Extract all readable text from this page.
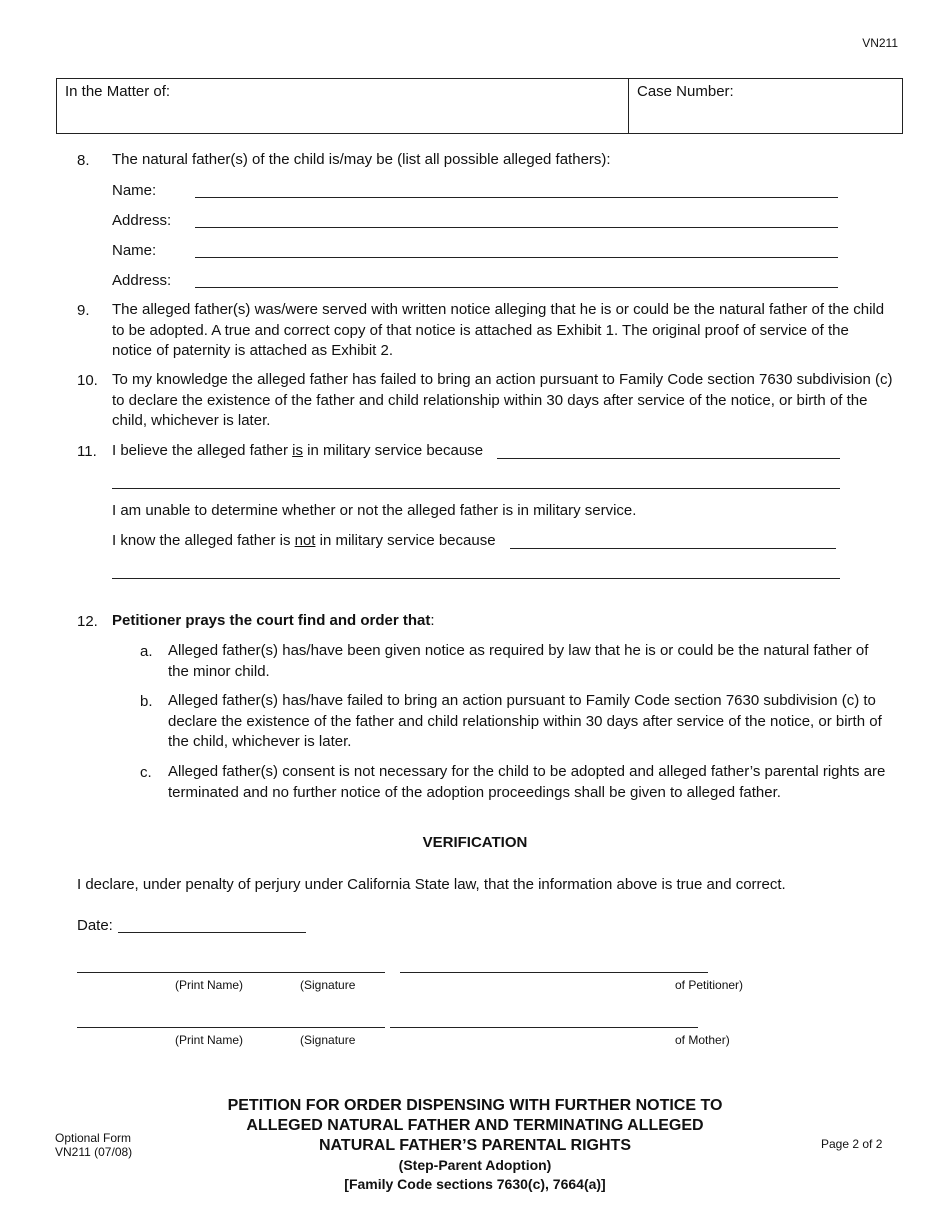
VN211
In the Matter of:	Case Number:
8. The natural father(s) of the child is/may be (list all possible alleged fathers):
Name:
Address:
Name:
Address:
9. The alleged father(s) was/were served with written notice alleging that he is or could be the natural father of the child to be adopted. A true and correct copy of that notice is attached as Exhibit 1. The original proof of service of the notice of paternity is attached as Exhibit 2.
10. To my knowledge the alleged father has failed to bring an action pursuant to Family Code section 7630 subdivision (c) to declare the existence of the father and child relationship within 30 days after service of the notice, or birth of the child, whichever is later.
11. I believe the alleged father is in military service because
I am unable to determine whether or not the alleged father is in military service.
I know the alleged father is not in military service because
12. Petitioner prays the court find and order that:
a. Alleged father(s) has/have been given notice as required by law that he is or could be the natural father of the minor child.
b. Alleged father(s) has/have failed to bring an action pursuant to Family Code section 7630 subdivision (c) to declare the existence of the father and child relationship within 30 days after service of the notice, or birth of the child, whichever is later.
c. Alleged father(s) consent is not necessary for the child to be adopted and alleged father’s parental rights are terminated and no further notice of the adoption proceedings shall be given to alleged father.
VERIFICATION
I declare, under penalty of perjury under California State law, that the information above is true and correct.
Date:
(Print Name)	(Signature	of Petitioner)
(Print Name)	(Signature	of Mother)
Optional Form
VN211 (07/08)
PETITION FOR ORDER DISPENSING WITH FURTHER NOTICE TO
ALLEGED NATURAL FATHER AND TERMINATING ALLEGED
NATURAL FATHER’S PARENTAL RIGHTS
(Step-Parent Adoption)
[Family Code sections 7630(c), 7664(a)]
Page 2 of 2
